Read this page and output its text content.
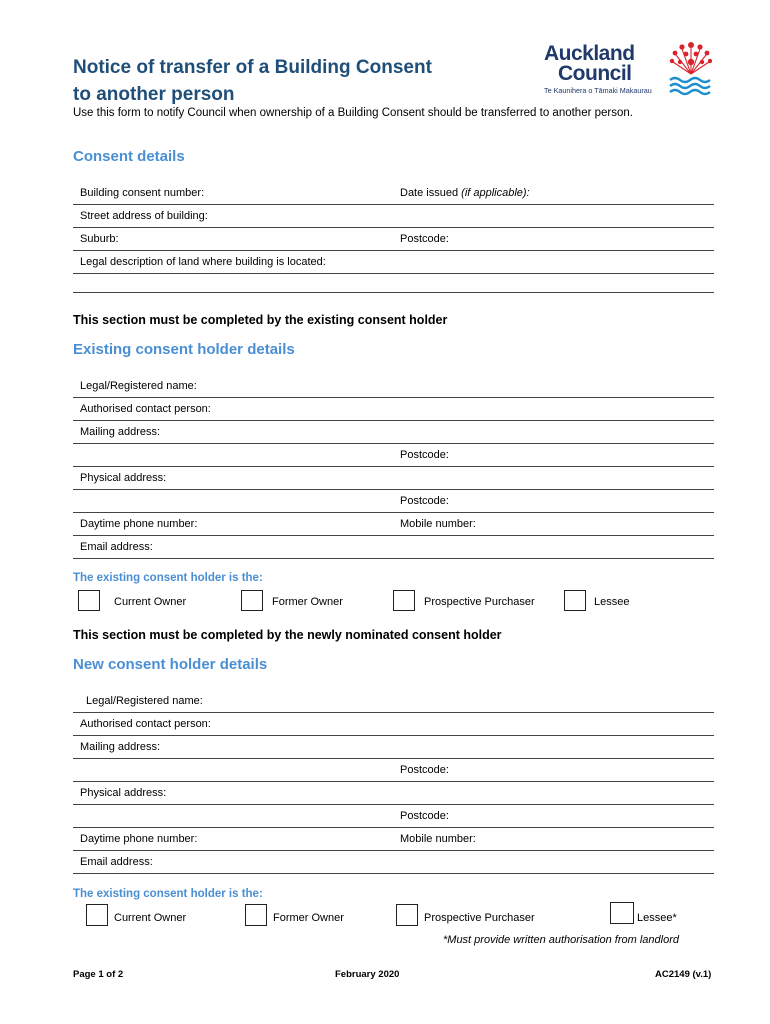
Notice of transfer of a Building Consent
to another person
Auckland
Council
Te Kaunihera o Tāmaki Makaurau
Use this form to notify Council when ownership of a Building Consent should be transferred to another person.
Consent details
Building consent number:	Date issued (if applicable):
Street address of building:
Suburb:	Postcode:
Legal description of land where building is located:
This section must be completed by the existing consent holder
Existing consent holder details
Legal/Registered name:
Authorised contact person:
Mailing address:
Postcode:
Physical address:
Postcode:
Daytime phone number:	Mobile number:
Email address:
The existing consent holder is the:
Current Owner	Former Owner	Prospective Purchaser	Lessee
This section must be completed by the newly nominated consent holder
New consent holder details
Legal/Registered name:
Authorised contact person:
Mailing address:
Postcode:
Physical address:
Postcode:
Daytime phone number:	Mobile number:
Email address:
The existing consent holder is the:
Current Owner	Former Owner	Prospective Purchaser	Lessee*
*Must provide written authorisation from landlord
Page 1 of 2	February 2020	AC2149 (v.1)
